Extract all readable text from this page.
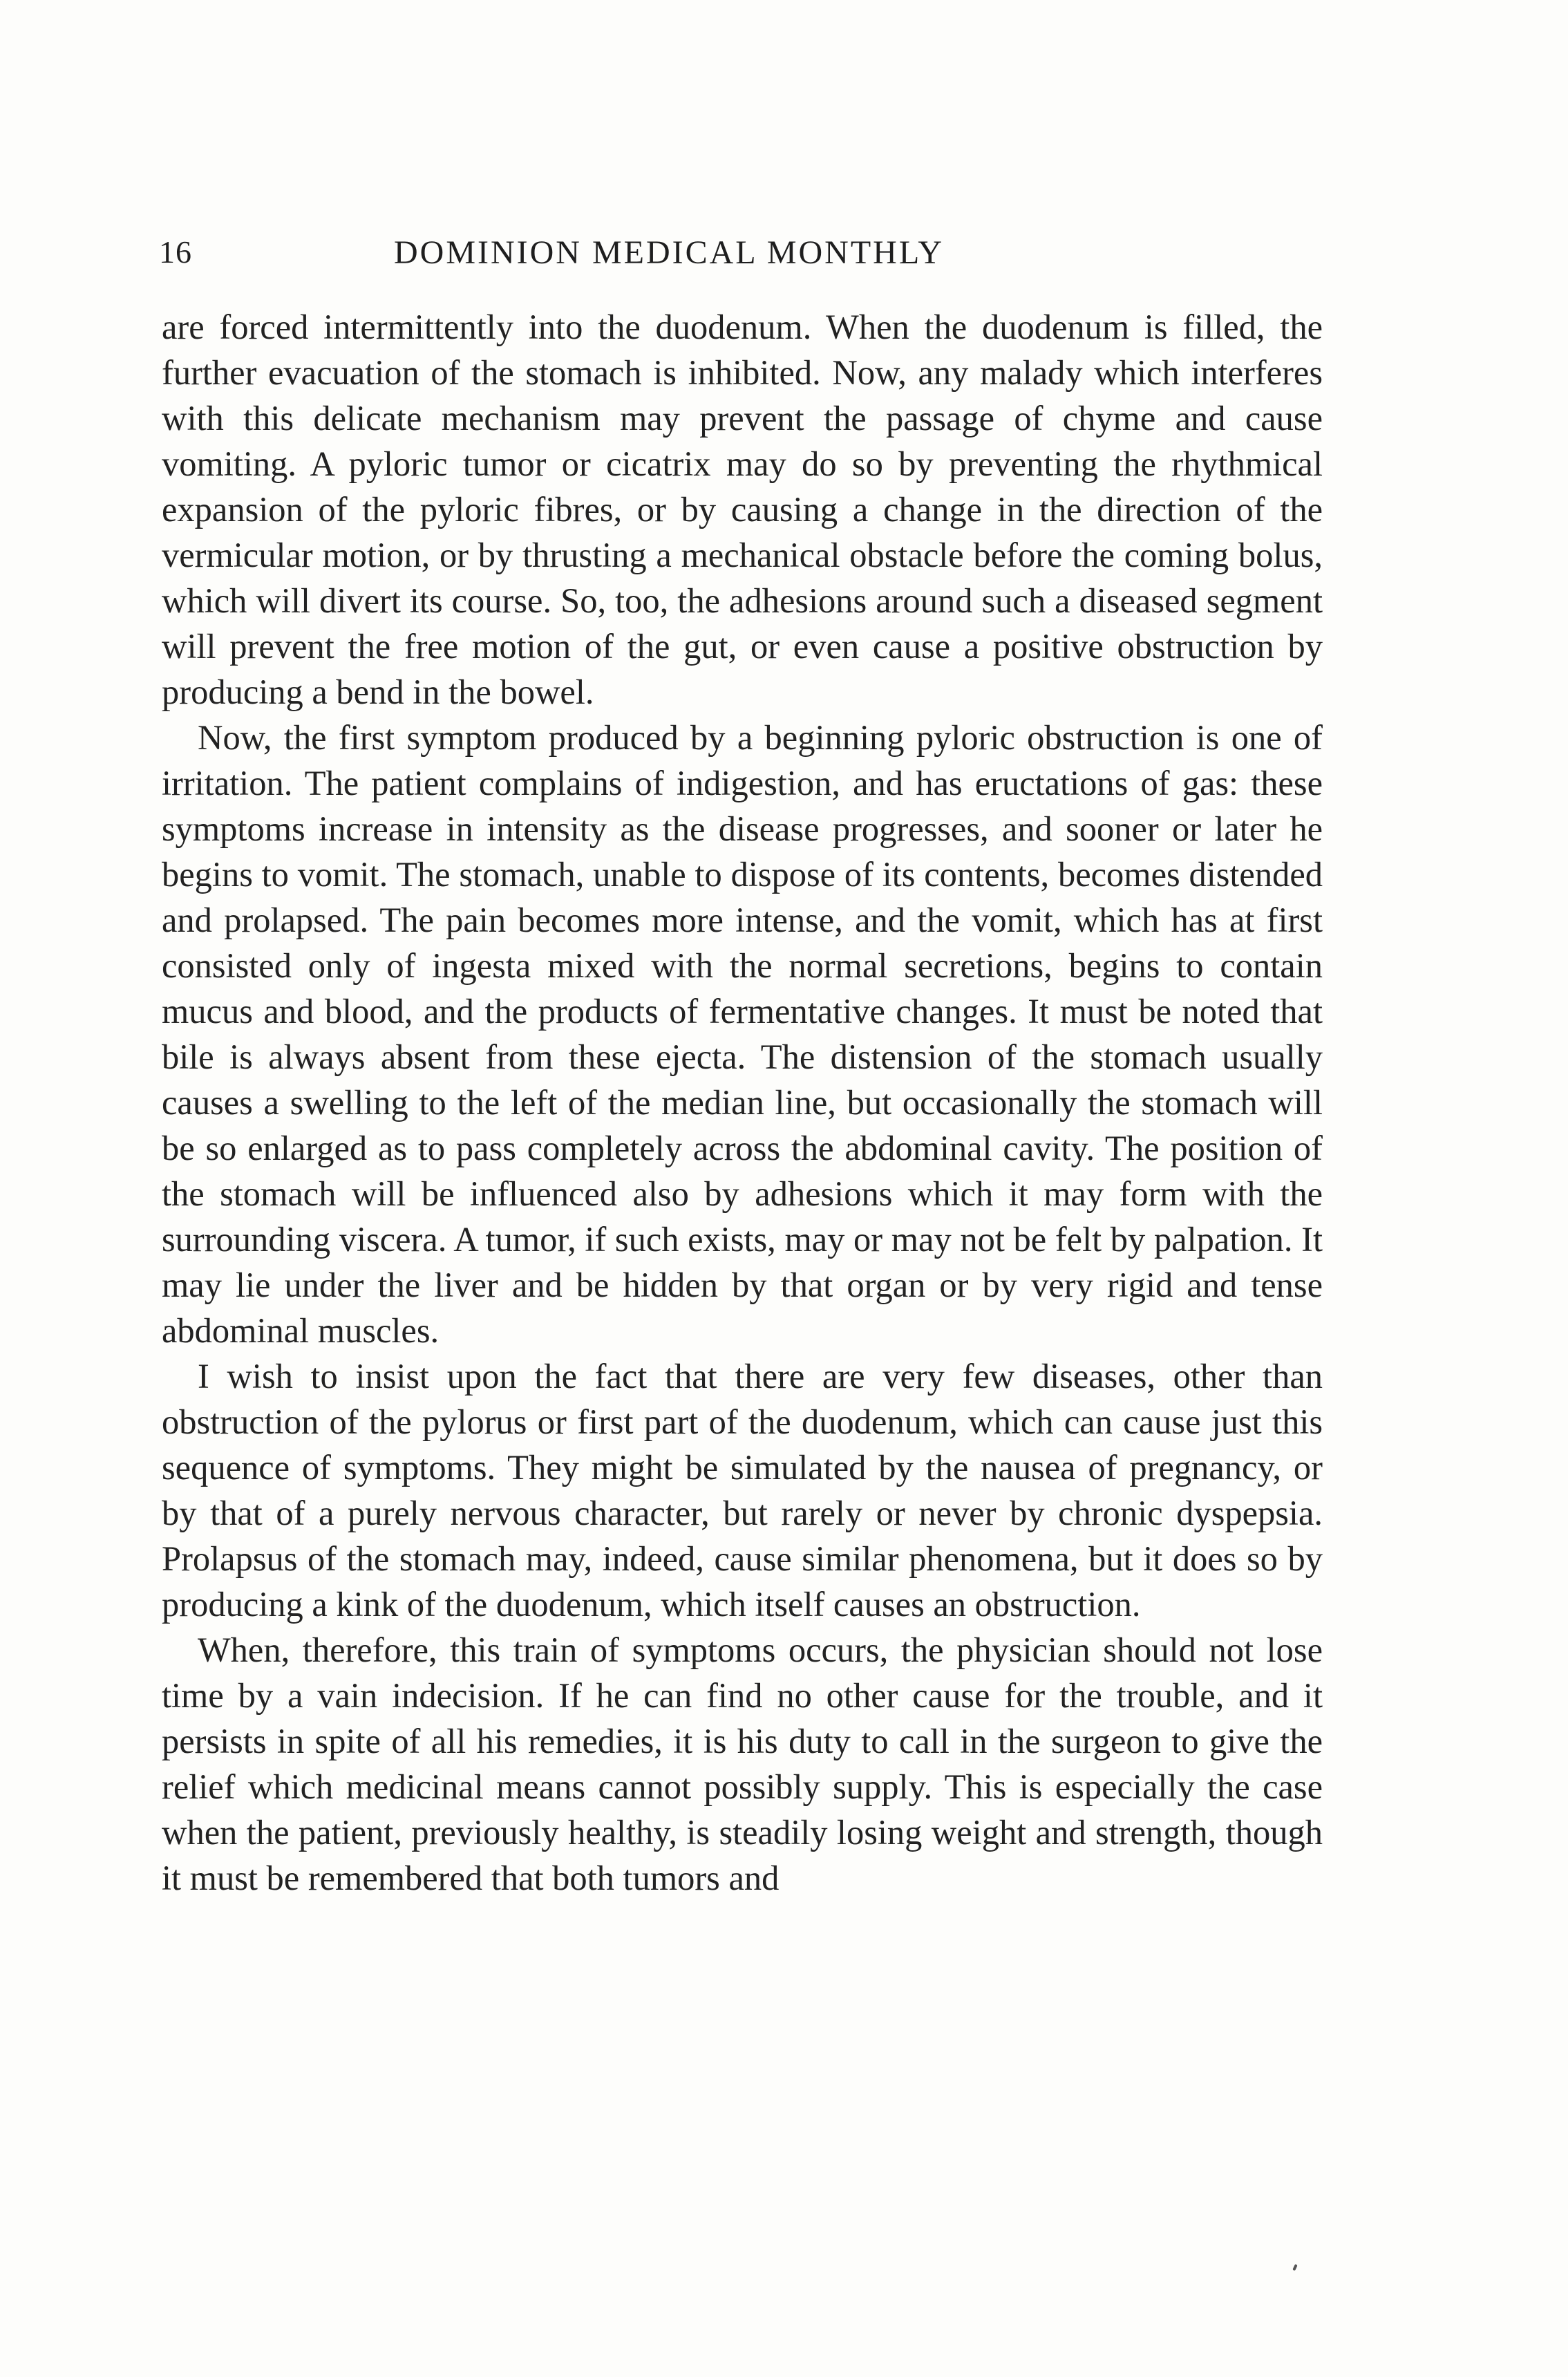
16	DOMINION MEDICAL MONTHLY

are forced intermittently into the duodenum. When the duodenum is filled, the further evacuation of the stomach is inhibited. Now, any malady which interferes with this delicate mechanism may prevent the passage of chyme and cause vomiting. A pyloric tumor or cicatrix may do so by preventing the rhythmical expansion of the pyloric fibres, or by causing a change in the direction of the vermicular motion, or by thrusting a mechanical obstacle before the coming bolus, which will divert its course. So, too, the adhesions around such a diseased segment will prevent the free motion of the gut, or even cause a positive obstruction by producing a bend in the bowel.

Now, the first symptom produced by a beginning pyloric obstruction is one of irritation. The patient complains of indigestion, and has eructations of gas: these symptoms increase in intensity as the disease progresses, and sooner or later he begins to vomit. The stomach, unable to dispose of its contents, becomes distended and prolapsed. The pain becomes more intense, and the vomit, which has at first consisted only of ingesta mixed with the normal secretions, begins to contain mucus and blood, and the products of fermentative changes. It must be noted that bile is always absent from these ejecta. The distension of the stomach usually causes a swelling to the left of the median line, but occasionally the stomach will be so enlarged as to pass completely across the abdominal cavity. The position of the stomach will be influenced also by adhesions which it may form with the surrounding viscera. A tumor, if such exists, may or may not be felt by palpation. It may lie under the liver and be hidden by that organ or by very rigid and tense abdominal muscles.

I wish to insist upon the fact that there are very few diseases, other than obstruction of the pylorus or first part of the duodenum, which can cause just this sequence of symptoms. They might be simulated by the nausea of pregnancy, or by that of a purely nervous character, but rarely or never by chronic dyspepsia. Prolapsus of the stomach may, indeed, cause similar phenomena, but it does so by producing a kink of the duodenum, which itself causes an obstruction.

When, therefore, this train of symptoms occurs, the physician should not lose time by a vain indecision. If he can find no other cause for the trouble, and it persists in spite of all his remedies, it is his duty to call in the surgeon to give the relief which medicinal means cannot possibly supply. This is especially the case when the patient, previously healthy, is steadily losing weight and strength, though it must be remembered that both tumors and
